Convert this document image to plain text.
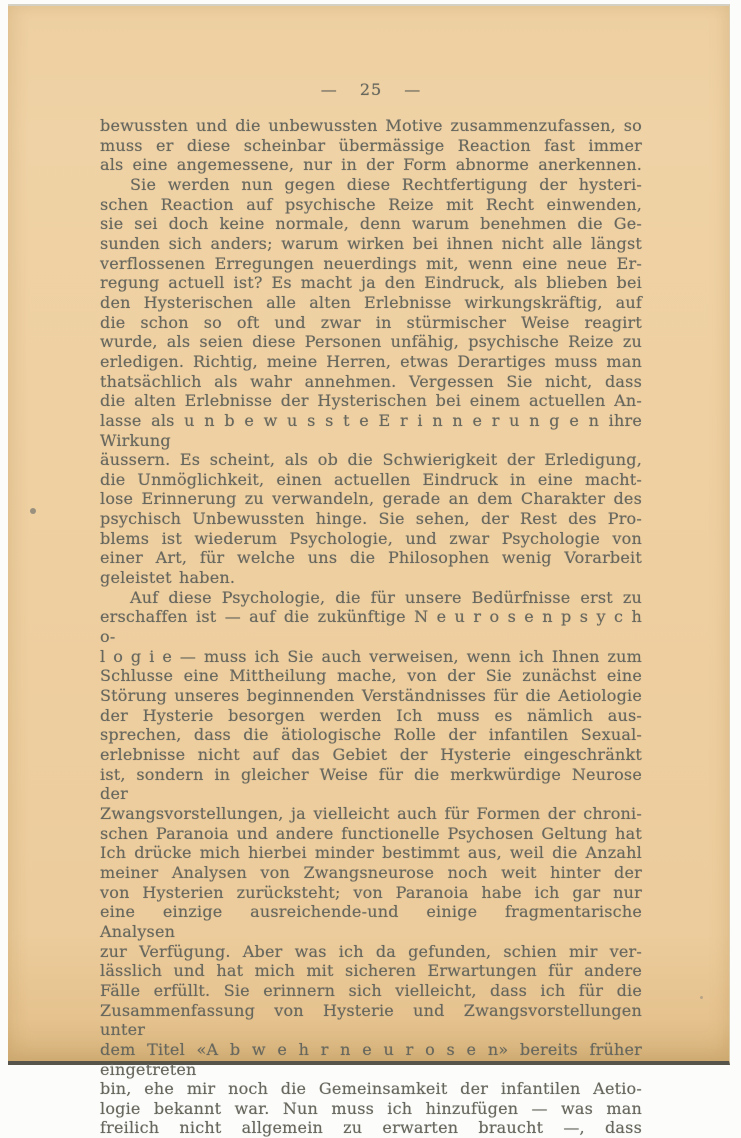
— 25 —
bewussten und die unbewussten Motive zusammenzufassen, so
muss er diese scheinbar übermässige Reaction fast immer
als eine angemessene, nur in der Form abnorme anerkennen.
Sie werden nun gegen diese Rechtfertigung der hysteri-
schen Reaction auf psychische Reize mit Recht einwenden,
sie sei doch keine normale, denn warum benehmen die Ge-
sunden sich anders; warum wirken bei ihnen nicht alle längst
verflossenen Erregungen neuerdings mit, wenn eine neue Er-
regung actuell ist? Es macht ja den Eindruck, als blieben bei
den Hysterischen alle alten Erlebnisse wirkungskräftig, auf
die schon so oft und zwar in stürmischer Weise reagirt
wurde, als seien diese Personen unfähig, psychische Reize zu
erledigen. Richtig, meine Herren, etwas Derartiges muss man
thatsächlich als wahr annehmen. Vergessen Sie nicht, dass
die alten Erlebnisse der Hysterischen bei einem actuellen An-
lasse als u n b e w u s s t e E r i n n e r u n g e n ihre Wirkung
äussern. Es scheint, als ob die Schwierigkeit der Erledigung,
die Unmöglichkeit, einen actuellen Eindruck in eine macht-
lose Erinnerung zu verwandeln, gerade an dem Charakter des
psychisch Unbewussten hinge. Sie sehen, der Rest des Pro-
blems ist wiederum Psychologie, und zwar Psychologie von
einer Art, für welche uns die Philosophen wenig Vorarbeit
geleistet haben.
Auf diese Psychologie, die für unsere Bedürfnisse erst zu
erschaffen ist — auf die zukünftige N e u r o s e n p s y c h o-
l o g i e — muss ich Sie auch verweisen, wenn ich Ihnen zum
Schlusse eine Mittheilung mache, von der Sie zunächst eine
Störung unseres beginnenden Verständnisses für die Aetiologie
der Hysterie besorgen werden Ich muss es nämlich aus-
sprechen, dass die ätiologische Rolle der infantilen Sexual-
erlebnisse nicht auf das Gebiet der Hysterie eingeschränkt
ist, sondern in gleicher Weise für die merkwürdige Neurose der
Zwangsvorstellungen, ja vielleicht auch für Formen der chroni-
schen Paranoia und andere functionelle Psychosen Geltung hat
Ich drücke mich hierbei minder bestimmt aus, weil die Anzahl
meiner Analysen von Zwangsneurose noch weit hinter der
von Hysterien zurücksteht; von Paranoia habe ich gar nur
eine einzige ausreichende-und einige fragmentarische Analysen
zur Verfügung. Aber was ich da gefunden, schien mir ver-
lässlich und hat mich mit sicheren Erwartungen für andere
Fälle erfüllt. Sie erinnern sich vielleicht, dass ich für die
Zusammenfassung von Hysterie und Zwangsvorstellungen unter
dem Titel «A b w e h r n e u r o s e n» bereits früher eingetreten
bin, ehe mir noch die Gemeinsamkeit der infantilen Aetio-
logie bekannt war. Nun muss ich hinzufügen — was man
freilich nicht allgemein zu erwarten braucht —, dass
